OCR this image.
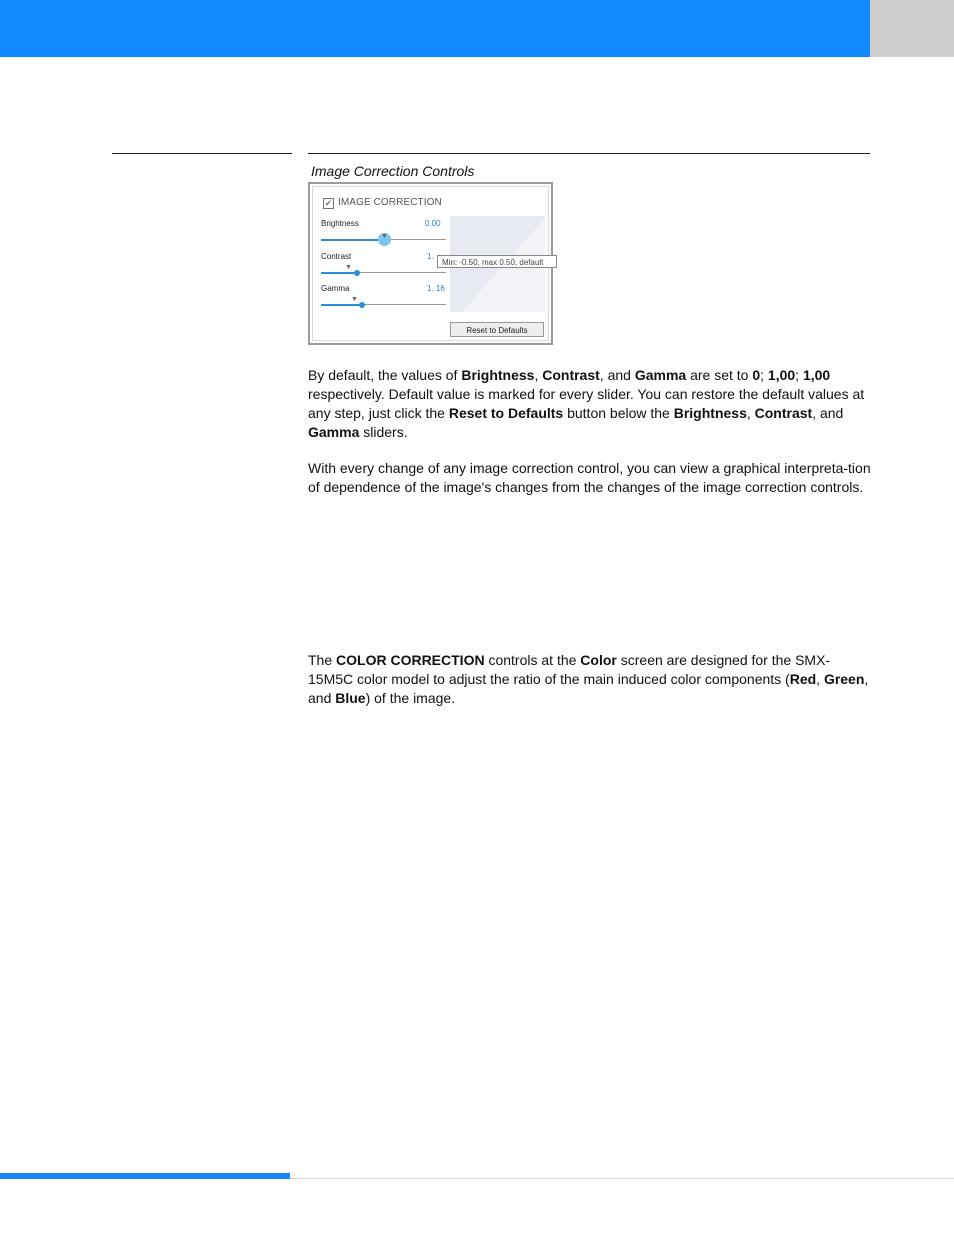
Image Correction Controls
✓ IMAGE CORRECTION
Brightness	0.00
▼
Contrast	1.
▼
Gamma	1. 16
▼
Min: -0.50, max 0.50, default
Reset to Defaults
By default, the values of Brightness, Contrast, and Gamma are set to 0; 1,00; 1,00 respectively. Default value is marked for every slider. You can restore the default values at any step, just click the Reset to Defaults button below the Brightness, Contrast, and Gamma sliders.
With every change of any image correction control, you can view a graphical interpreta-tion of dependence of the image's changes from the changes of the image correction controls.
The COLOR CORRECTION controls at the Color screen are designed for the SMX-15M5C color model to adjust the ratio of the main induced color components (Red, Green, and Blue) of the image.
